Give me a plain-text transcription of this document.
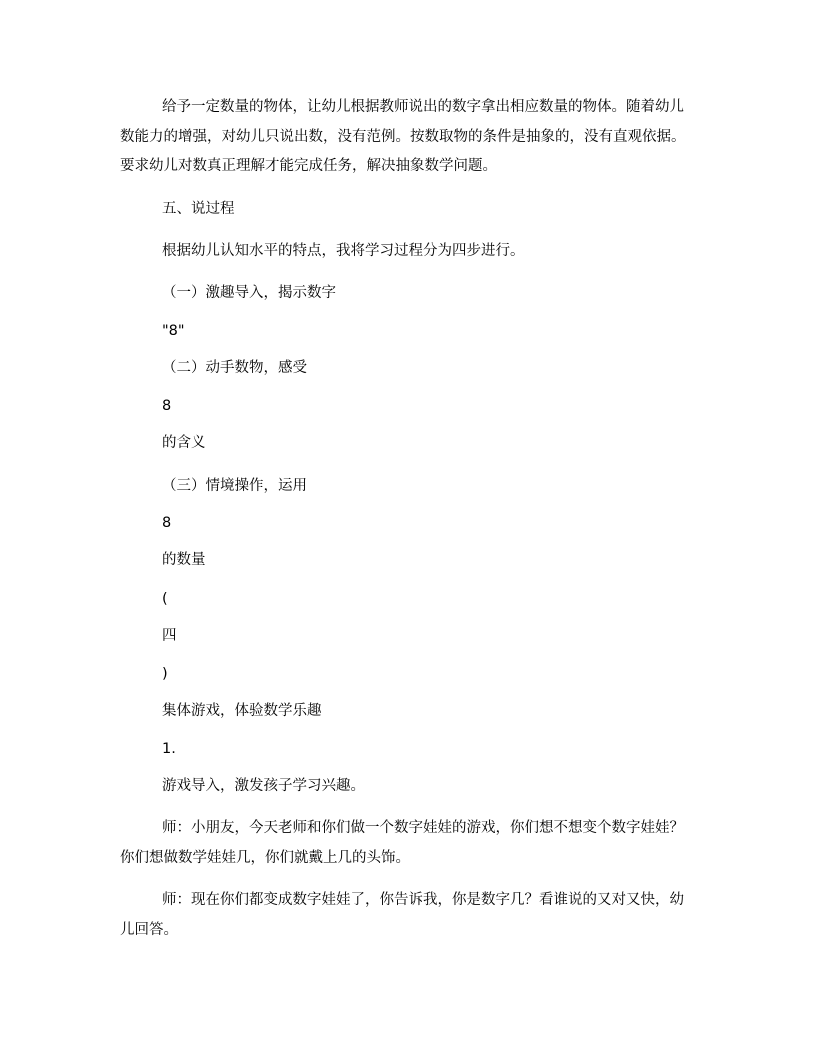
给予一定数量的物体，让幼儿根据教师说出的数字拿出相应数量的物体。随着幼儿
数能力的增强，对幼儿只说出数，没有范例。按数取物的条件是抽象的，没有直观依据。
要求幼儿对数真正理解才能完成任务，解决抽象数学问题。
五、说过程
根据幼儿认知水平的特点，我将学习过程分为四步进行。
（一）激趣导入，揭示数字
"8"
（二）动手数物，感受
8
的含义
（三）情境操作，运用
8
的数量
(
四
)
集体游戏，体验数学乐趣
1.
游戏导入，激发孩子学习兴趣。
师：小朋友，今天老师和你们做一个数字娃娃的游戏，你们想不想变个数字娃娃？
你们想做数学娃娃几，你们就戴上几的头饰。
师：现在你们都变成数字娃娃了，你告诉我，你是数字几？看谁说的又对又快，幼
儿回答。
